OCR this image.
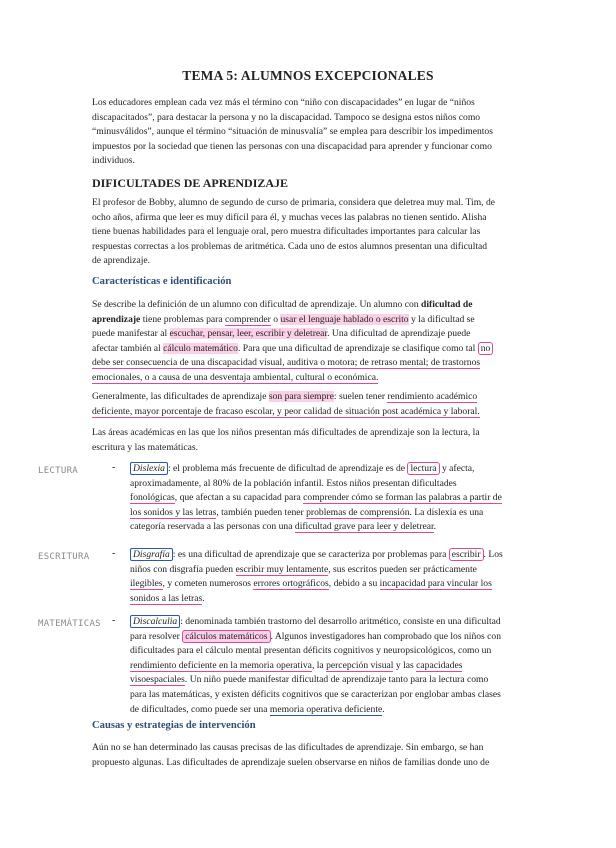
TEMA 5: ALUMNOS EXCEPCIONALES
Los educadores emplean cada vez más el término con “niño con discapacidades” en lugar de “niños
discapacitados”, para destacar la persona y no la discapacidad. Tampoco se designa estos niños como
“minusválidos”, aunque el término “situación de minusvalía” se emplea para describir los impedimentos
impuestos por la sociedad que tienen las personas con una discapacidad para aprender y funcionar como
individuos.
DIFICULTADES DE APRENDIZAJE
El profesor de Bobby, alumno de segundo de curso de primaria, considera que deletrea muy mal. Tim, de
ocho años, afirma que leer es muy difícil para él, y muchas veces las palabras no tienen sentido. Alisha
tiene buenas habilidades para el lenguaje oral, pero muestra dificultades importantes para calcular las
respuestas correctas a los problemas de aritmética. Cada uno de estos alumnos presentan una dificultad
de aprendizaje.
Características e identificación
Se describe la definición de un alumno con dificultad de aprendizaje. Un alumno con dificultad de
aprendizaje tiene problemas para comprender o usar el lenguaje hablado o escrito y la dificultad se
puede manifestar al escuchar, pensar, leer, escribir y deletrear. Una dificultad de aprendizaje puede
afectar también al cálculo matemático. Para que una dificultad de aprendizaje se clasifique como tal no
debe ser consecuencia de una discapacidad visual, auditiva o motora; de retraso mental; de trastornos
emocionales, o a causa de una desventaja ambiental, cultural o económica.
Generalmente, las dificultades de aprendizaje son para siempre: suelen tener rendimiento académico
deficiente, mayor porcentaje de fracaso escolar, y peor calidad de situación post académica y laboral.
Las áreas académicas en las que los niños presentan más dificultades de aprendizaje son la lectura, la
escritura y las matemáticas.
LECTURA	-	Dislexia : el problema más frecuente de dificultad de aprendizaje es de lectura y afecta,
aproximadamente, al 80% de la población infantil. Estos niños presentan dificultades
fonológicas, que afectan a su capacidad para comprender cómo se forman las palabras a partir de
los sonidos y las letras, también pueden tener problemas de comprensión. La dislexia es una
categoría reservada a las personas con una dificultad grave para leer y deletrear.
ESCRITURA -	Disgrafía : es una dificultad de aprendizaje que se caracteriza por problemas para escribir . Los
niños con disgrafía pueden escribir muy lentamente, sus escritos pueden ser prácticamente
ilegibles, y cometen numerosos errores ortográficos, debido a su incapacidad para vincular los
sonidos a las letras.
MATEMÁTICAS -	Discalculia : denominada también trastorno del desarrollo aritmético, consiste en una dificultad
para resolver cálculos matemáticos . Algunos investigadores han comprobado que los niños con
dificultades para el cálculo mental presentan déficits cognitivos y neuropsicológicos, como un
rendimiento deficiente en la memoria operativa, la percepción visual y las capacidades
visoespaciales. Un niño puede manifestar dificultad de aprendizaje tanto para la lectura como
para las matemáticas, y existen déficits cognitivos que se caracterizan por englobar ambas clases
de dificultades, como puede ser una memoria operativa deficiente.
Causas y estrategias de intervención
Aún no se han determinado las causas precisas de las dificultades de aprendizaje. Sin embargo, se han
propuesto algunas. Las dificultades de aprendizaje suelen observarse en niños de familias donde uno de
